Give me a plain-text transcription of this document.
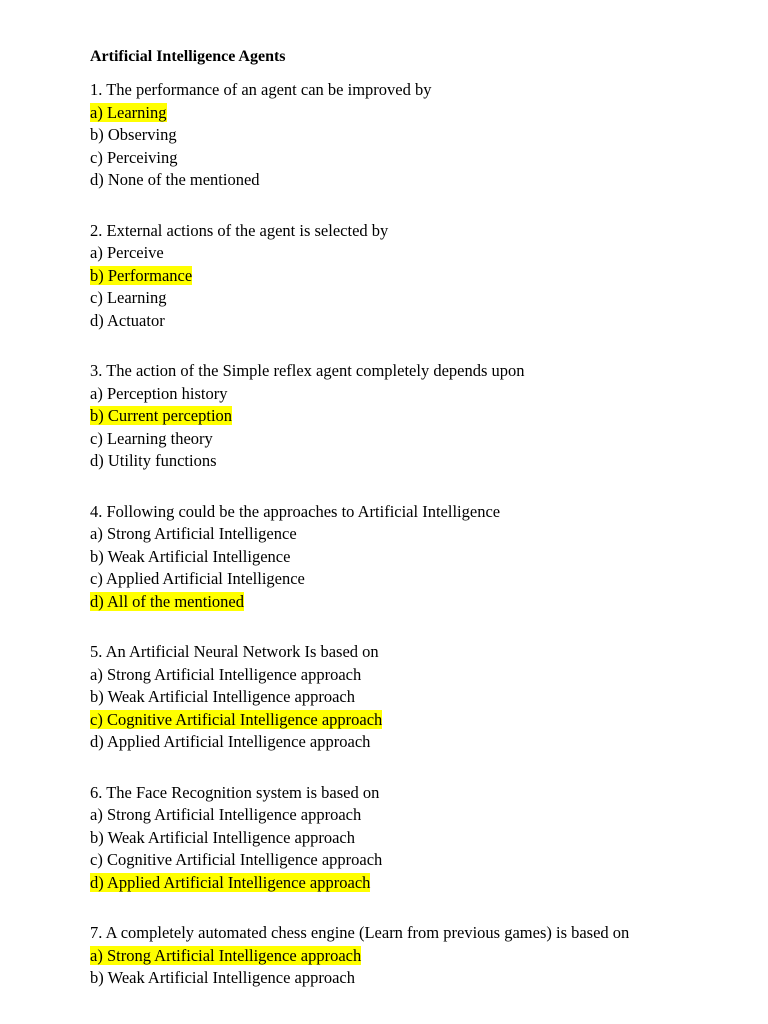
Artificial Intelligence Agents
1. The performance of an agent can be improved by
a) Learning
b) Observing
c) Perceiving
d) None of the mentioned
2. External actions of the agent is selected by
a) Perceive
b) Performance
c) Learning
d) Actuator
3. The action of the Simple reflex agent completely depends upon
a) Perception history
b) Current perception
c) Learning theory
d) Utility functions
4. Following could be the approaches to Artificial Intelligence
a) Strong Artificial Intelligence
b) Weak Artificial Intelligence
c) Applied Artificial Intelligence
d) All of the mentioned
5. An Artificial Neural Network Is based on
a) Strong Artificial Intelligence approach
b) Weak Artificial Intelligence approach
c) Cognitive Artificial Intelligence approach
d) Applied Artificial Intelligence approach
6. The Face Recognition system is based on
a) Strong Artificial Intelligence approach
b) Weak Artificial Intelligence approach
c) Cognitive Artificial Intelligence approach
d) Applied Artificial Intelligence approach
7. A completely automated chess engine (Learn from previous games) is based on
a) Strong Artificial Intelligence approach
b) Weak Artificial Intelligence approach
